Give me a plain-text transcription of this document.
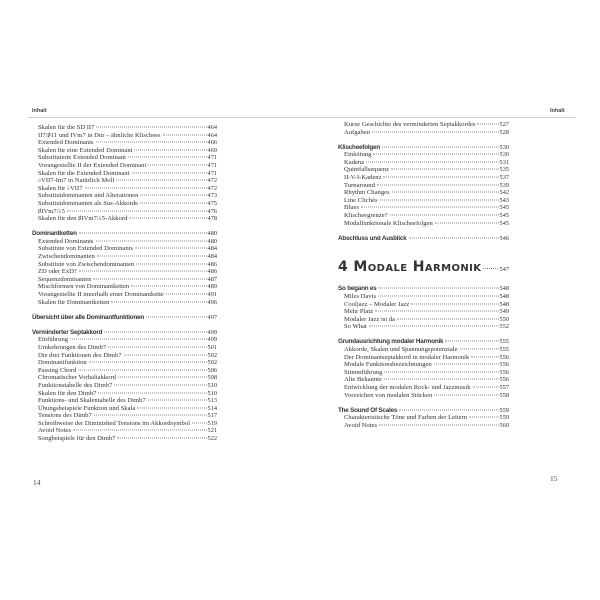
Inhalt
Skalen für die SD II7	464
II7/♯11 und IVm7 in Dur – ähnliche Klischees	464
Extended Dominants	466
Skalen für eine Extended Dominant	469
Substituierte Extended Dominant	471
Vorangestellte II der Extended Dominant	471
Skalen für die Extended Dominant	471
♭VII7-Im7 in Natürlich Moll	472
Skalen für ♭VII7	472
Substitutdominanten und Alterationen	473
Substitutdominanten als Sus-Akkorde	475
♯IVm7/♭5	476
Skalen für den ♯IVm7/♭5-Akkord	478
Dominantketten	480
Extended Dominants	480
Substitute von Extended Dominants	484
Zwischendominanten	484
Substitute von Zwischendominanten	486
ZD oder ExD?	486
Sequenzdominanten	487
Mischformen von Dominantketten	489
Vorangestellte II innerhalb einer Dominantkette	491
Skalen für Dominantketten	496
Übersicht über alle Dominantfunktionen	497
Verminderter Septakkord	499
Einführung	499
Umkehrungen des Dimb7	501
Die drei Funktionen des Dimb7	502
Dominantfunktion	502
Passing Chord	506
Chromatischer Vorhaltakkord	508
Funktionstabelle des Dimb7	510
Skalen für den Dimb7	510
Funktions- und Skalentabelle des Dimb7	513
Übungsbeispiele Funktion und Skala	514
Tensions des Dimb7	517
Schreibweise der Diminished Tensions im Akkordsymbol	519
Avoid Notes	521
Songbeispiele für den Dimb7	522
14
Inhalt
Kurze Geschichte des verminderten Septakkordes	527
Aufgaben	528
Klischeefolgen	530
Einleitung	530
Kadenz	531
Quintfallsequenz	535
II-V-I-Kadenz	537
Turnaround	539
Rhythm Changes	542
Line Clichés	543
Blues	545
Klischeegrenze?	545
Modalfunktionale Klischeefolgen	545
Abschluss und Ausblick	546
4 Modale Harmonik	547
So begann es	548
Miles Davis	548
Cooljazz – Modaler Jazz	548
Mehr Platz	549
Modaler Jazz ist da	550
So What	552
Grundausrichtung modaler Harmonik	555
Akkorde, Skalen und Spannungspotenziale	555
Der Dominantseptakkord in modaler Harmonik	556
Modale Funktionsbezeichnungen	556
Stimmführung	556
Alte Bekannte	556
Entwicklung der modalen Rock- und Jazzmusik	557
Vorzeichen von modalen Stücken	558
The Sound Of Scales	559
Charakteristische Töne und Farben der Leitern	559
Avoid Notes	560
15
